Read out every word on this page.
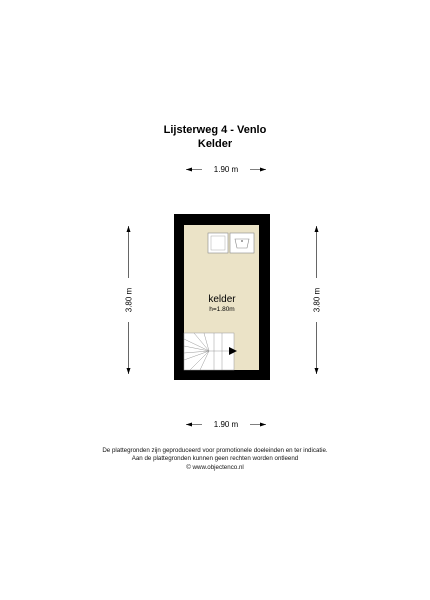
Lijsterweg 4 - Venlo
Kelder
1.90 m
1.90 m
3.80 m	3.80 m
kelder
h=1.80m
De plattegronden zijn geproduceerd voor promotionele doeleinden en ter indicatie.
Aan de plattegronden kunnen geen rechten worden ontleend
© www.objectenco.nl
